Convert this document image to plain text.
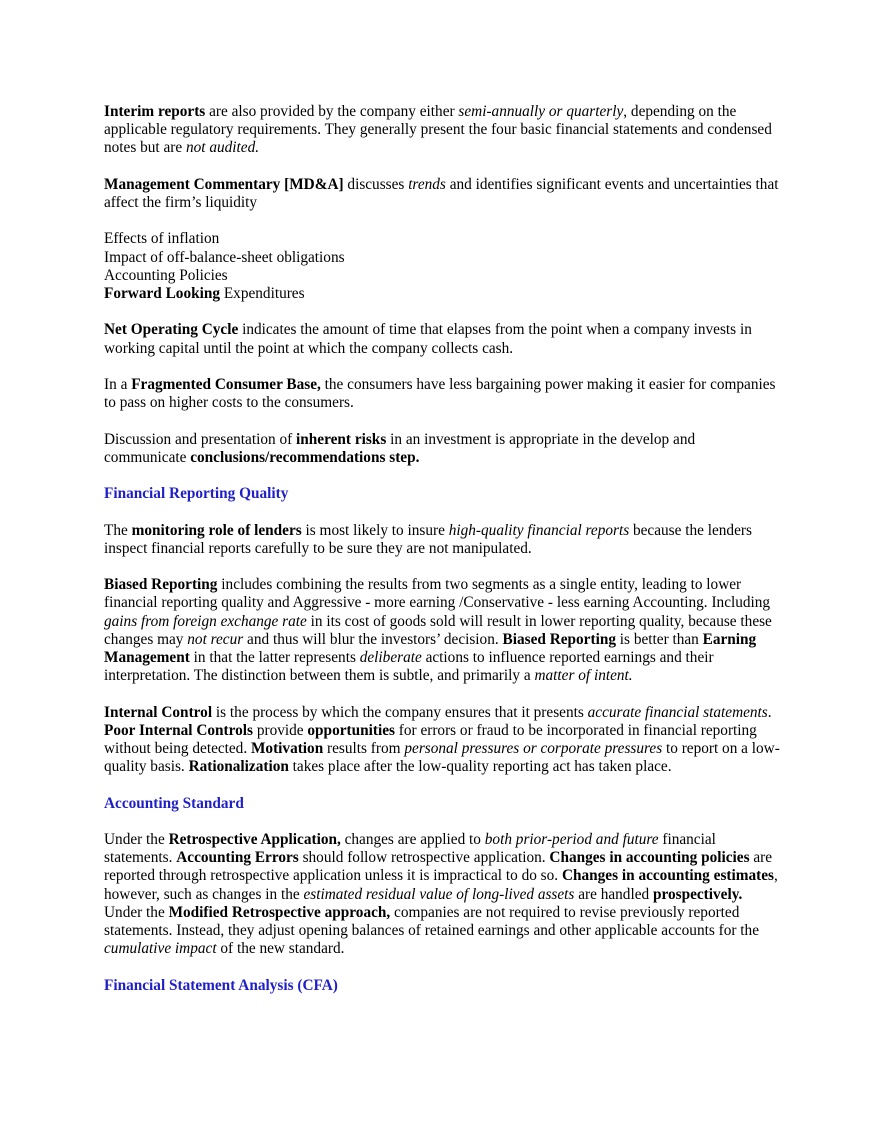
Interim reports are also provided by the company either semi-annually or quarterly, depending on the applicable regulatory requirements. They generally present the four basic financial statements and condensed notes but are not audited.

Management Commentary [MD&A] discusses trends and identifies significant events and uncertainties that affect the firm’s liquidity

Effects of inflation
Impact of off-balance-sheet obligations
Accounting Policies
Forward Looking Expenditures

Net Operating Cycle indicates the amount of time that elapses from the point when a company invests in working capital until the point at which the company collects cash.

In a Fragmented Consumer Base, the consumers have less bargaining power making it easier for companies to pass on higher costs to the consumers.

Discussion and presentation of inherent risks in an investment is appropriate in the develop and communicate conclusions/recommendations step.

Financial Reporting Quality

The monitoring role of lenders is most likely to insure high-quality financial reports because the lenders inspect financial reports carefully to be sure they are not manipulated.

Biased Reporting includes combining the results from two segments as a single entity, leading to lower financial reporting quality and Aggressive - more earning /Conservative - less earning Accounting. Including gains from foreign exchange rate in its cost of goods sold will result in lower reporting quality, because these changes may not recur and thus will blur the investors’ decision. Biased Reporting is better than Earning Management in that the latter represents deliberate actions to influence reported earnings and their interpretation. The distinction between them is subtle, and primarily a matter of intent.

Internal Control is the process by which the company ensures that it presents accurate financial statements. Poor Internal Controls provide opportunities for errors or fraud to be incorporated in financial reporting without being detected. Motivation results from personal pressures or corporate pressures to report on a low-quality basis. Rationalization takes place after the low-quality reporting act has taken place.

Accounting Standard

Under the Retrospective Application, changes are applied to both prior-period and future financial statements. Accounting Errors should follow retrospective application. Changes in accounting policies are reported through retrospective application unless it is impractical to do so. Changes in accounting estimates, however, such as changes in the estimated residual value of long-lived assets are handled prospectively. Under the Modified Retrospective approach, companies are not required to revise previously reported statements. Instead, they adjust opening balances of retained earnings and other applicable accounts for the cumulative impact of the new standard.

Financial Statement Analysis (CFA)
